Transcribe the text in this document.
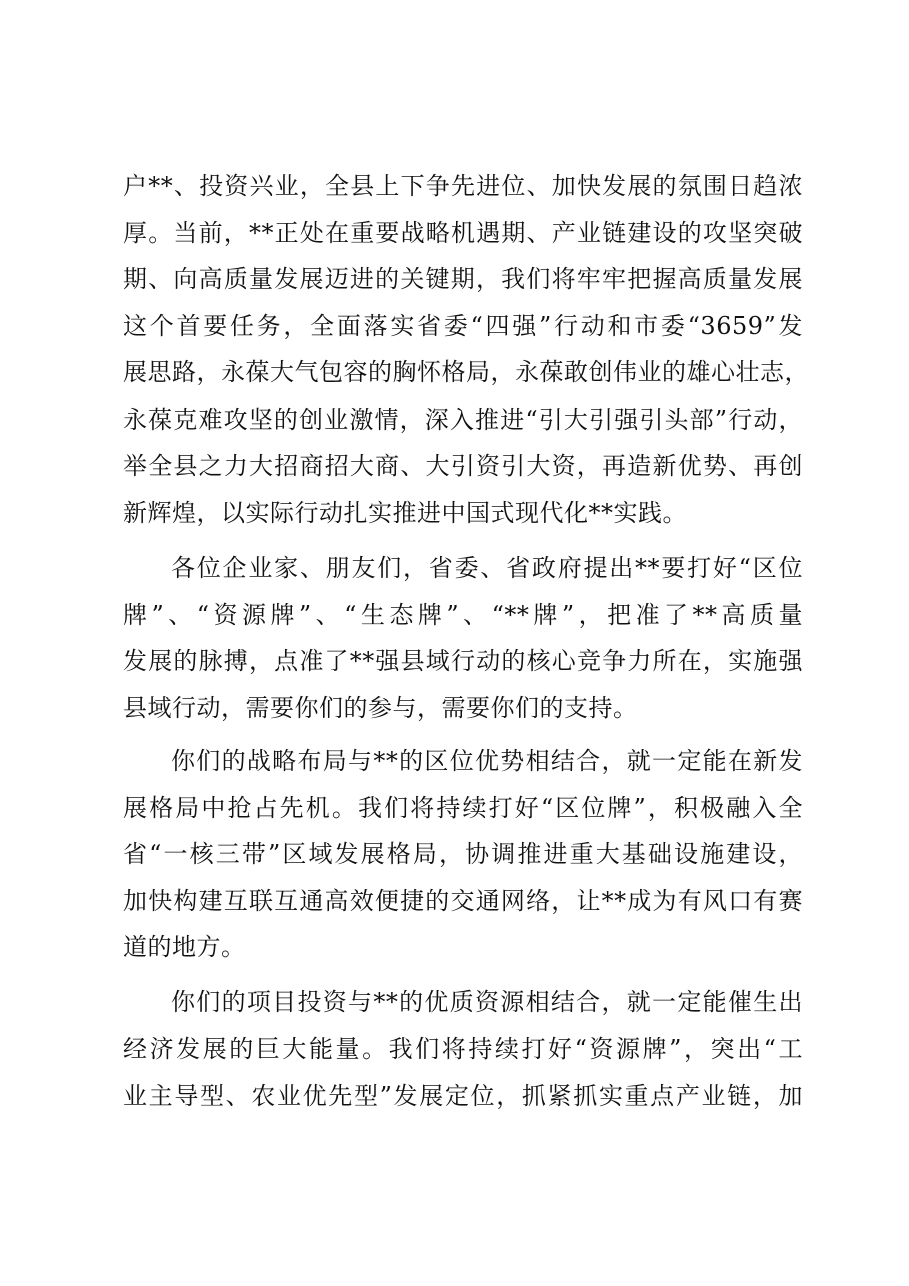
户**、投资兴业，全县上下争先进位、加快发展的氛围日趋浓
厚。当前，**正处在重要战略机遇期、产业链建设的攻坚突破
期、向高质量发展迈进的关键期，我们将牢牢把握高质量发展
这个首要任务，全面落实省委“四强”行动和市委“3659”发
展思路，永葆大气包容的胸怀格局，永葆敢创伟业的雄心壮志，
永葆克难攻坚的创业激情，深入推进“引大引强引头部”行动，
举全县之力大招商招大商、大引资引大资，再造新优势、再创
新辉煌，以实际行动扎实推进中国式现代化**实践。
各位企业家、朋友们，省委、省政府提出**要打好“区位
牌”、“资源牌”、“生态牌”、“**牌”，把准了**高质量
发展的脉搏，点准了**强县域行动的核心竞争力所在，实施强
县域行动，需要你们的参与，需要你们的支持。
你们的战略布局与**的区位优势相结合，就一定能在新发
展格局中抢占先机。我们将持续打好“区位牌”，积极融入全
省“一核三带”区域发展格局，协调推进重大基础设施建设，
加快构建互联互通高效便捷的交通网络，让**成为有风口有赛
道的地方。
你们的项目投资与**的优质资源相结合，就一定能催生出
经济发展的巨大能量。我们将持续打好“资源牌”，突出“工
业主导型、农业优先型”发展定位，抓紧抓实重点产业链，加
